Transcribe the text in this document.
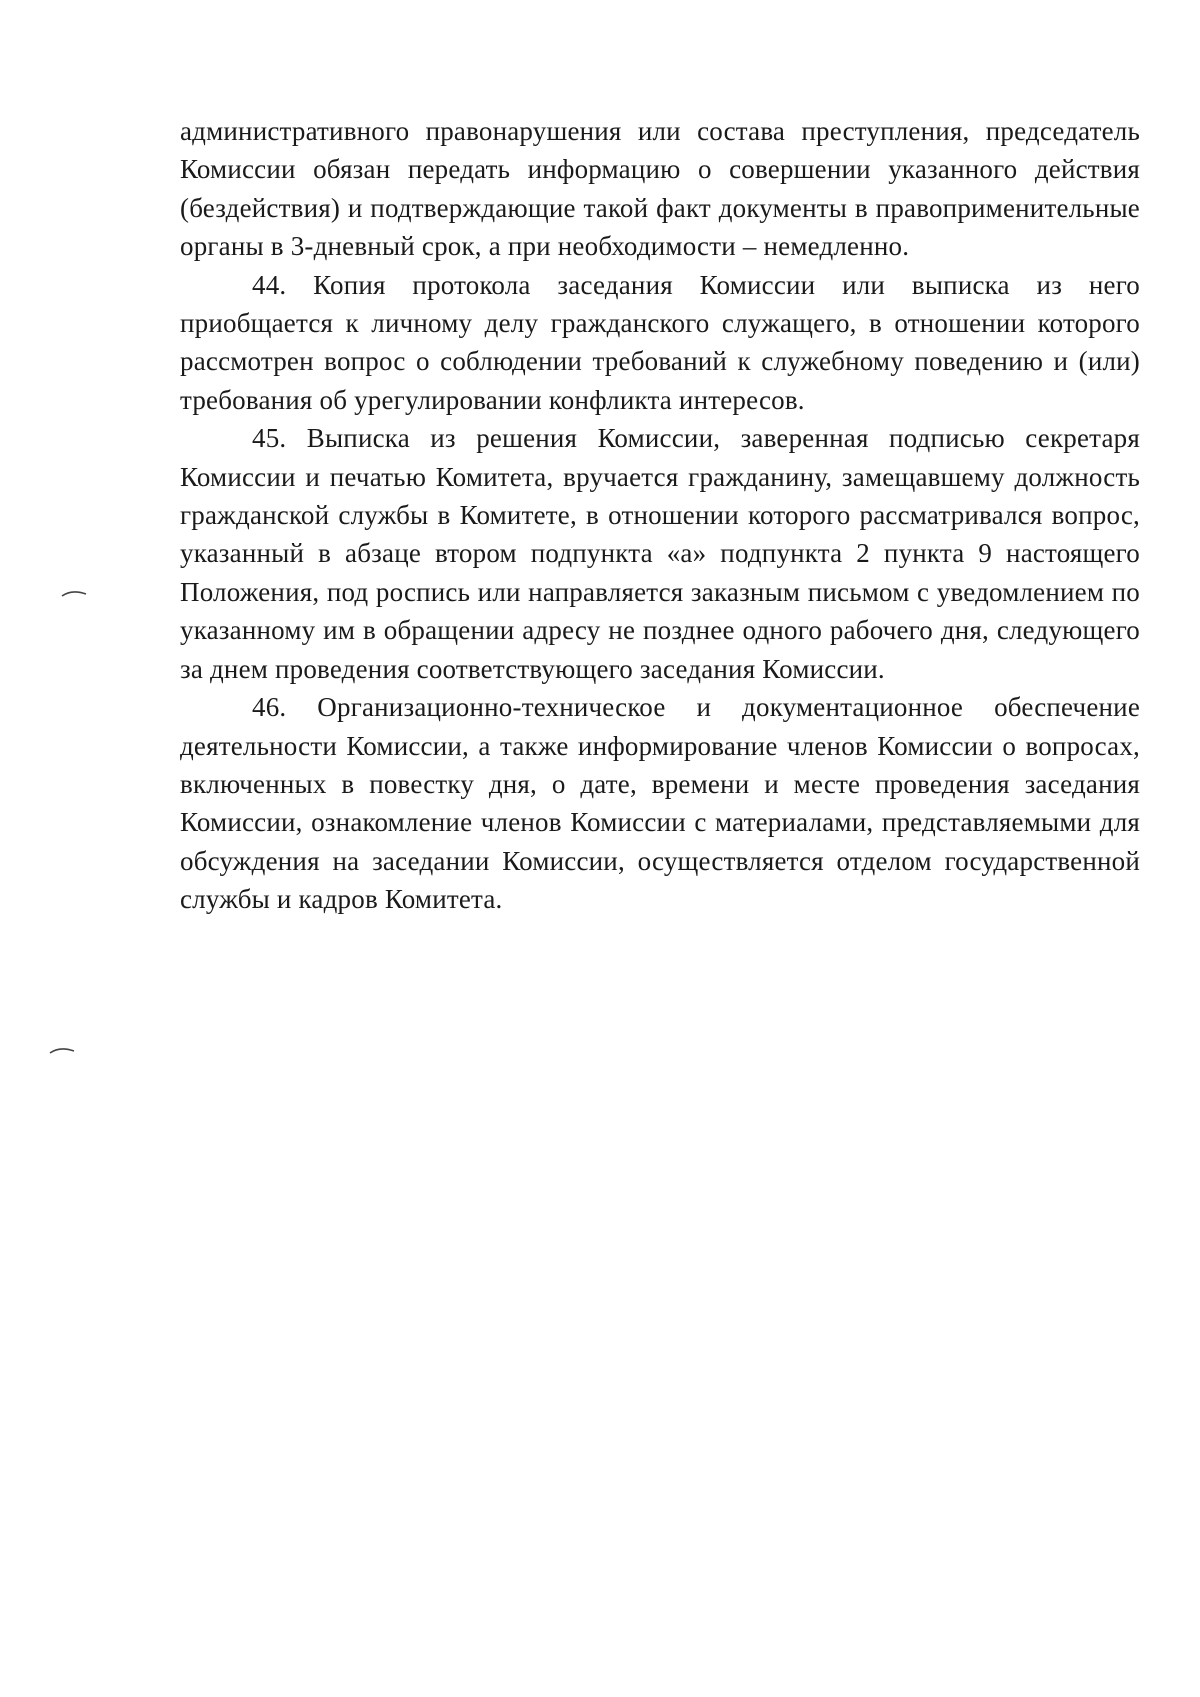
административного правонарушения или состава преступления, председатель Комиссии обязан передать информацию о совершении указанного действия (бездействия) и подтверждающие такой факт документы в правоприменительные органы в 3-дневный срок, а при необходимости – немедленно.

44. Копия протокола заседания Комиссии или выписка из него приобщается к личному делу гражданского служащего, в отношении которого рассмотрен вопрос о соблюдении требований к служебному поведению и (или) требования об урегулировании конфликта интересов.

45. Выписка из решения Комиссии, заверенная подписью секретаря Комиссии и печатью Комитета, вручается гражданину, замещавшему должность гражданской службы в Комитете, в отношении которого рассматривался вопрос, указанный в абзаце втором подпункта «а» подпункта 2 пункта 9 настоящего Положения, под роспись или направляется заказным письмом с уведомлением по указанному им в обращении адресу не позднее одного рабочего дня, следующего за днем проведения соответствующего заседания Комиссии.

46. Организационно-техническое и документационное обеспечение деятельности Комиссии, а также информирование членов Комиссии о вопросах, включенных в повестку дня, о дате, времени и месте проведения заседания Комиссии, ознакомление членов Комиссии с материалами, представляемыми для обсуждения на заседании Комиссии, осуществляется отделом государственной службы и кадров Комитета.
